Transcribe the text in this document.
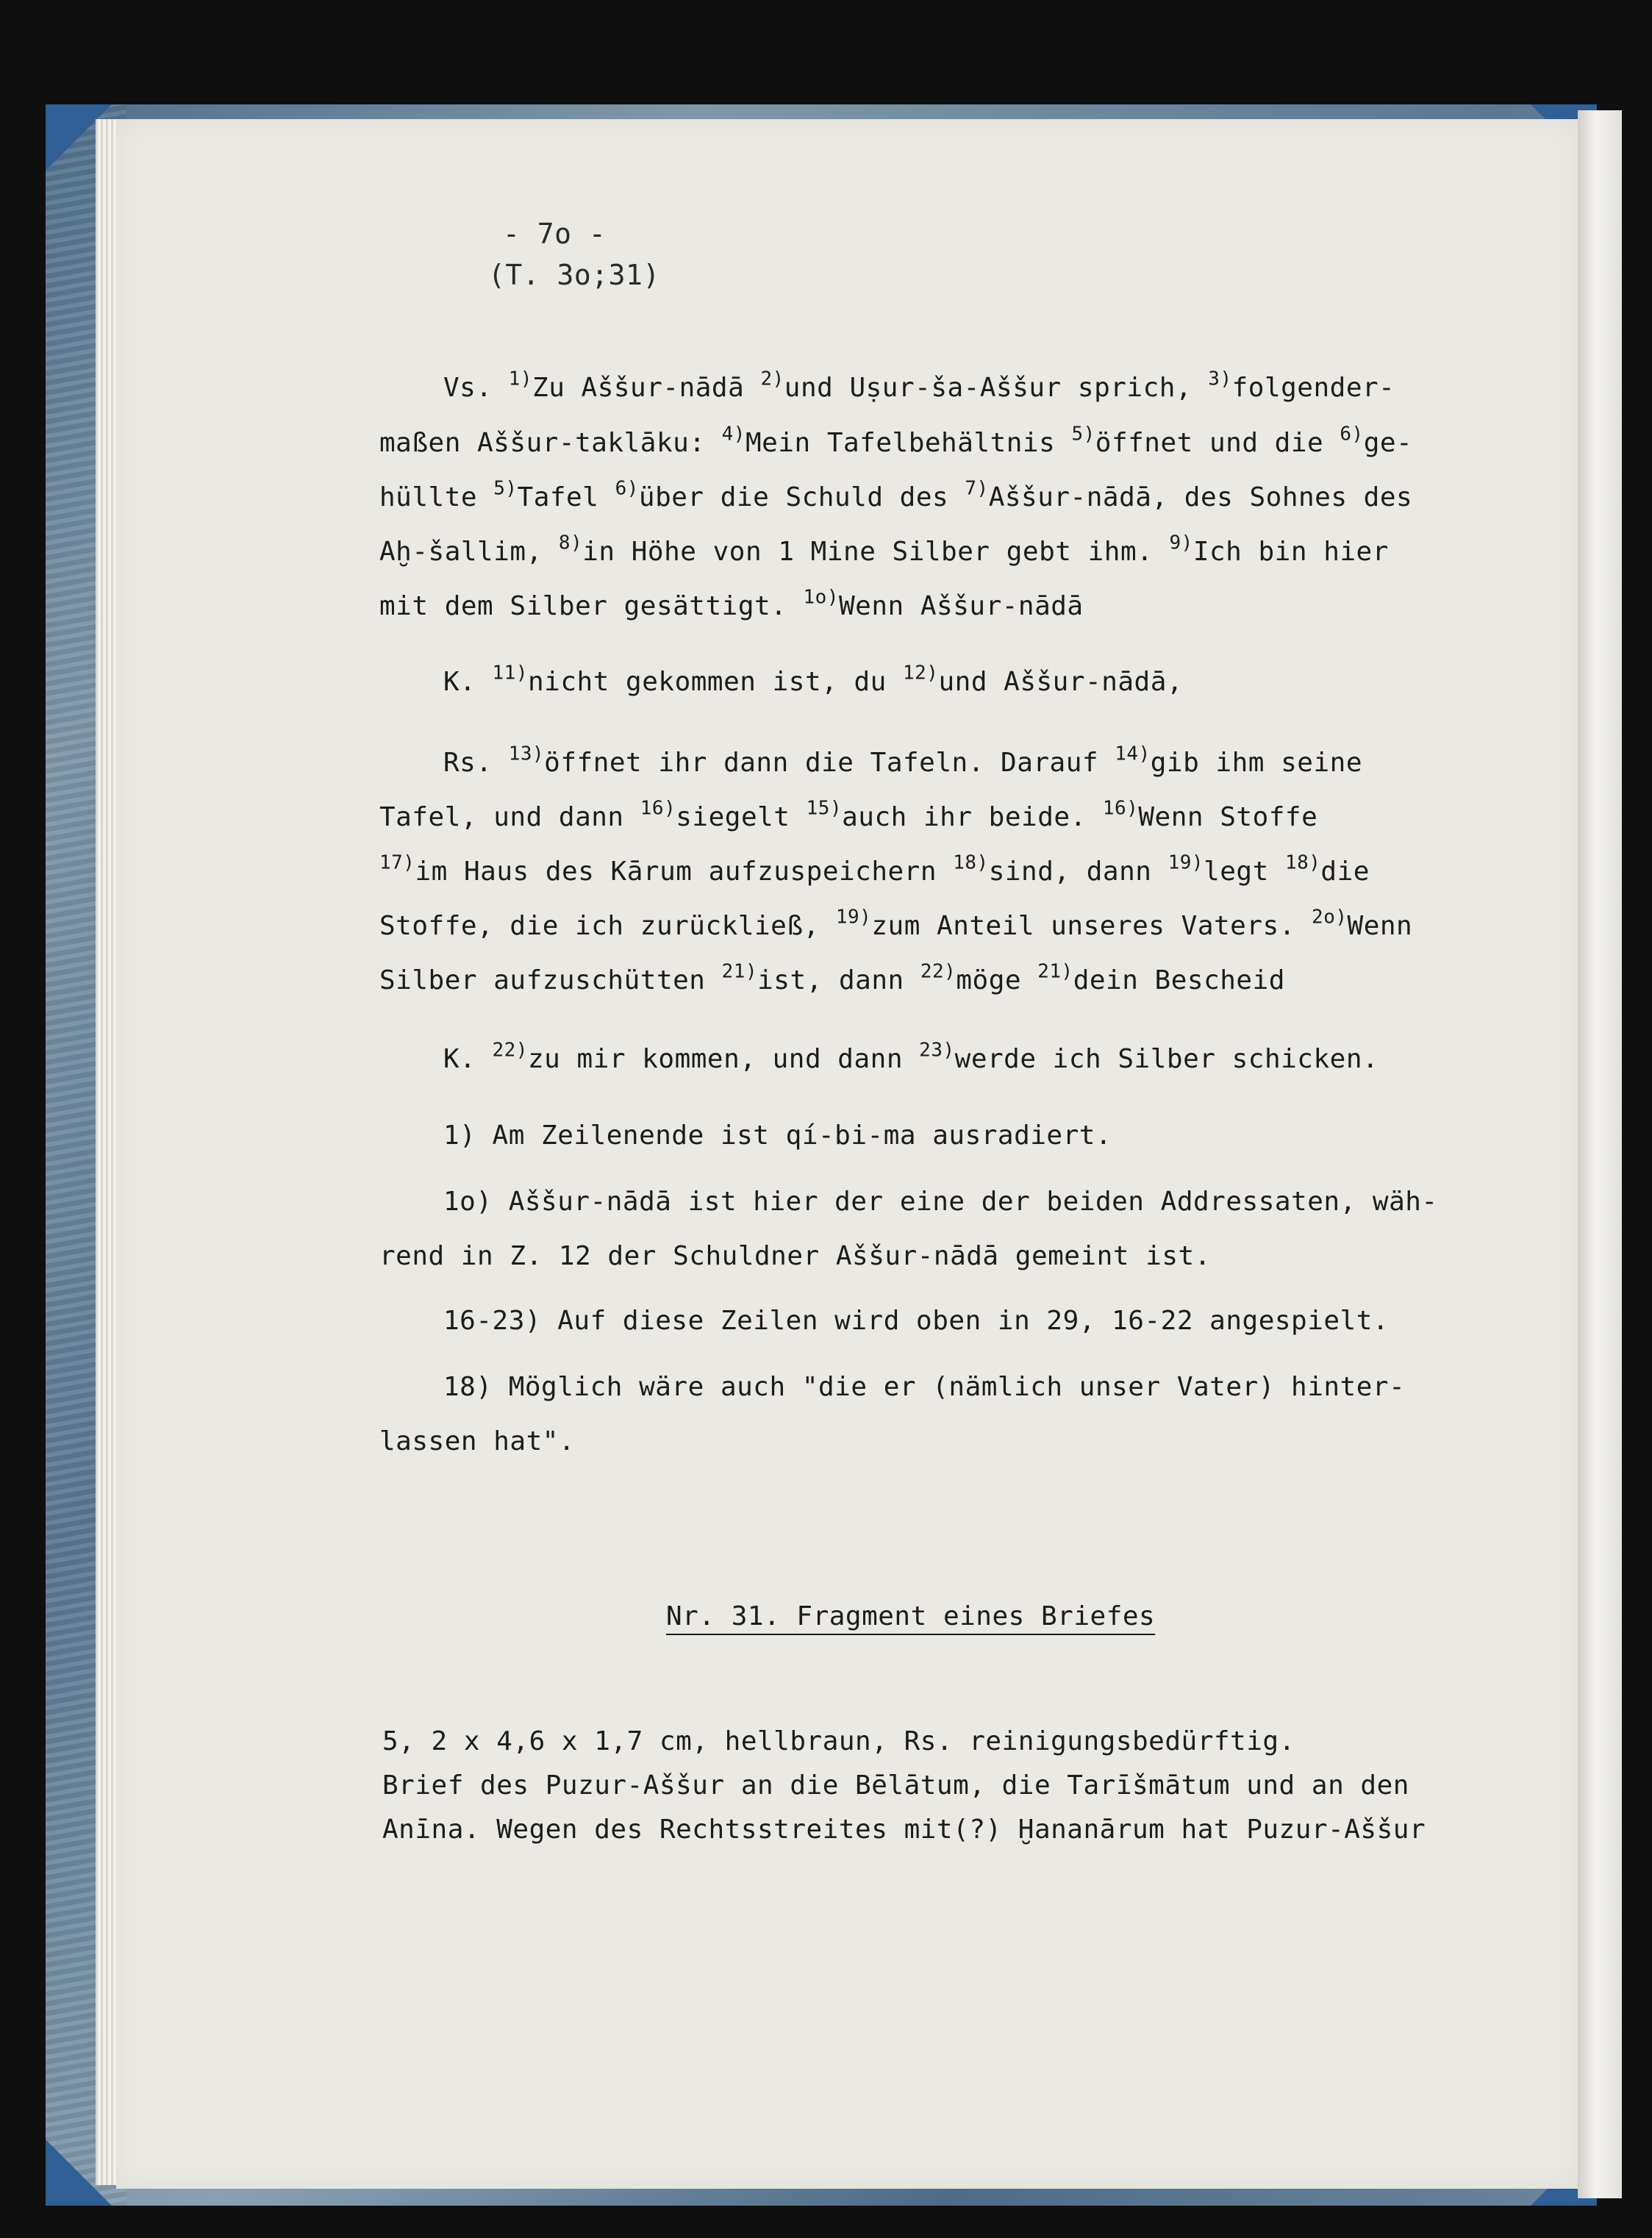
- 7o -
(T. 3o;31)
Vs. $^{1)}$Zu Aššur-nādā $^{2)}$und Uṣur-ša-Aššur sprich, $^{3)}$folgender-
maßen Aššur-taklāku: $^{4)}$Mein Tafelbehältnis $^{5)}$öffnet und die $^{6)}$ge-
hüllte $^{5)}$Tafel $^{6)}$über die Schuld des $^{7)}$Aššur-nādā, des Sohnes des
Aḫ-šallim, $^{8)}$in Höhe von 1 Mine Silber gebt ihm. $^{9)}$Ich bin hier
mit dem Silber gesättigt. $^{1o)}$Wenn Aššur-nādā
K. $^{11)}$nicht gekommen ist, du $^{12)}$und Aššur-nādā,
Rs. $^{13)}$öffnet ihr dann die Tafeln. Darauf $^{14)}$gib ihm seine
Tafel, und dann $^{16)}$siegelt $^{15)}$auch ihr beide. $^{16)}$Wenn Stoffe
$^{17)}$im Haus des Kārum aufzuspeichern $^{18)}$sind, dann $^{19)}$legt $^{18)}$die
Stoffe, die ich zurückließ, $^{19)}$zum Anteil unseres Vaters. $^{2o)}$Wenn
Silber aufzuschütten $^{21)}$ist, dann $^{22)}$möge $^{21)}$dein Bescheid
K. $^{22)}$zu mir kommen, und dann $^{23)}$werde ich Silber schicken.
1) Am Zeilenende ist qí-bi-ma ausradiert.
1o) Aššur-nādā ist hier der eine der beiden Addressaten, wäh-
rend in Z. 12 der Schuldner Aššur-nādā gemeint ist.
16-23) Auf diese Zeilen wird oben in 29, 16-22 angespielt.
18) Möglich wäre auch "die er (nämlich unser Vater) hinter-
lassen hat".
Nr. 31. Fragment eines Briefes
5, 2 x 4,6 x 1,7 cm, hellbraun, Rs. reinigungsbedürftig.
Brief des Puzur-Aššur an die Bēlātum, die Tarīšmātum und an den
Anīna. Wegen des Rechtsstreites mit(?) Ḫananārum hat Puzur-Aššur
